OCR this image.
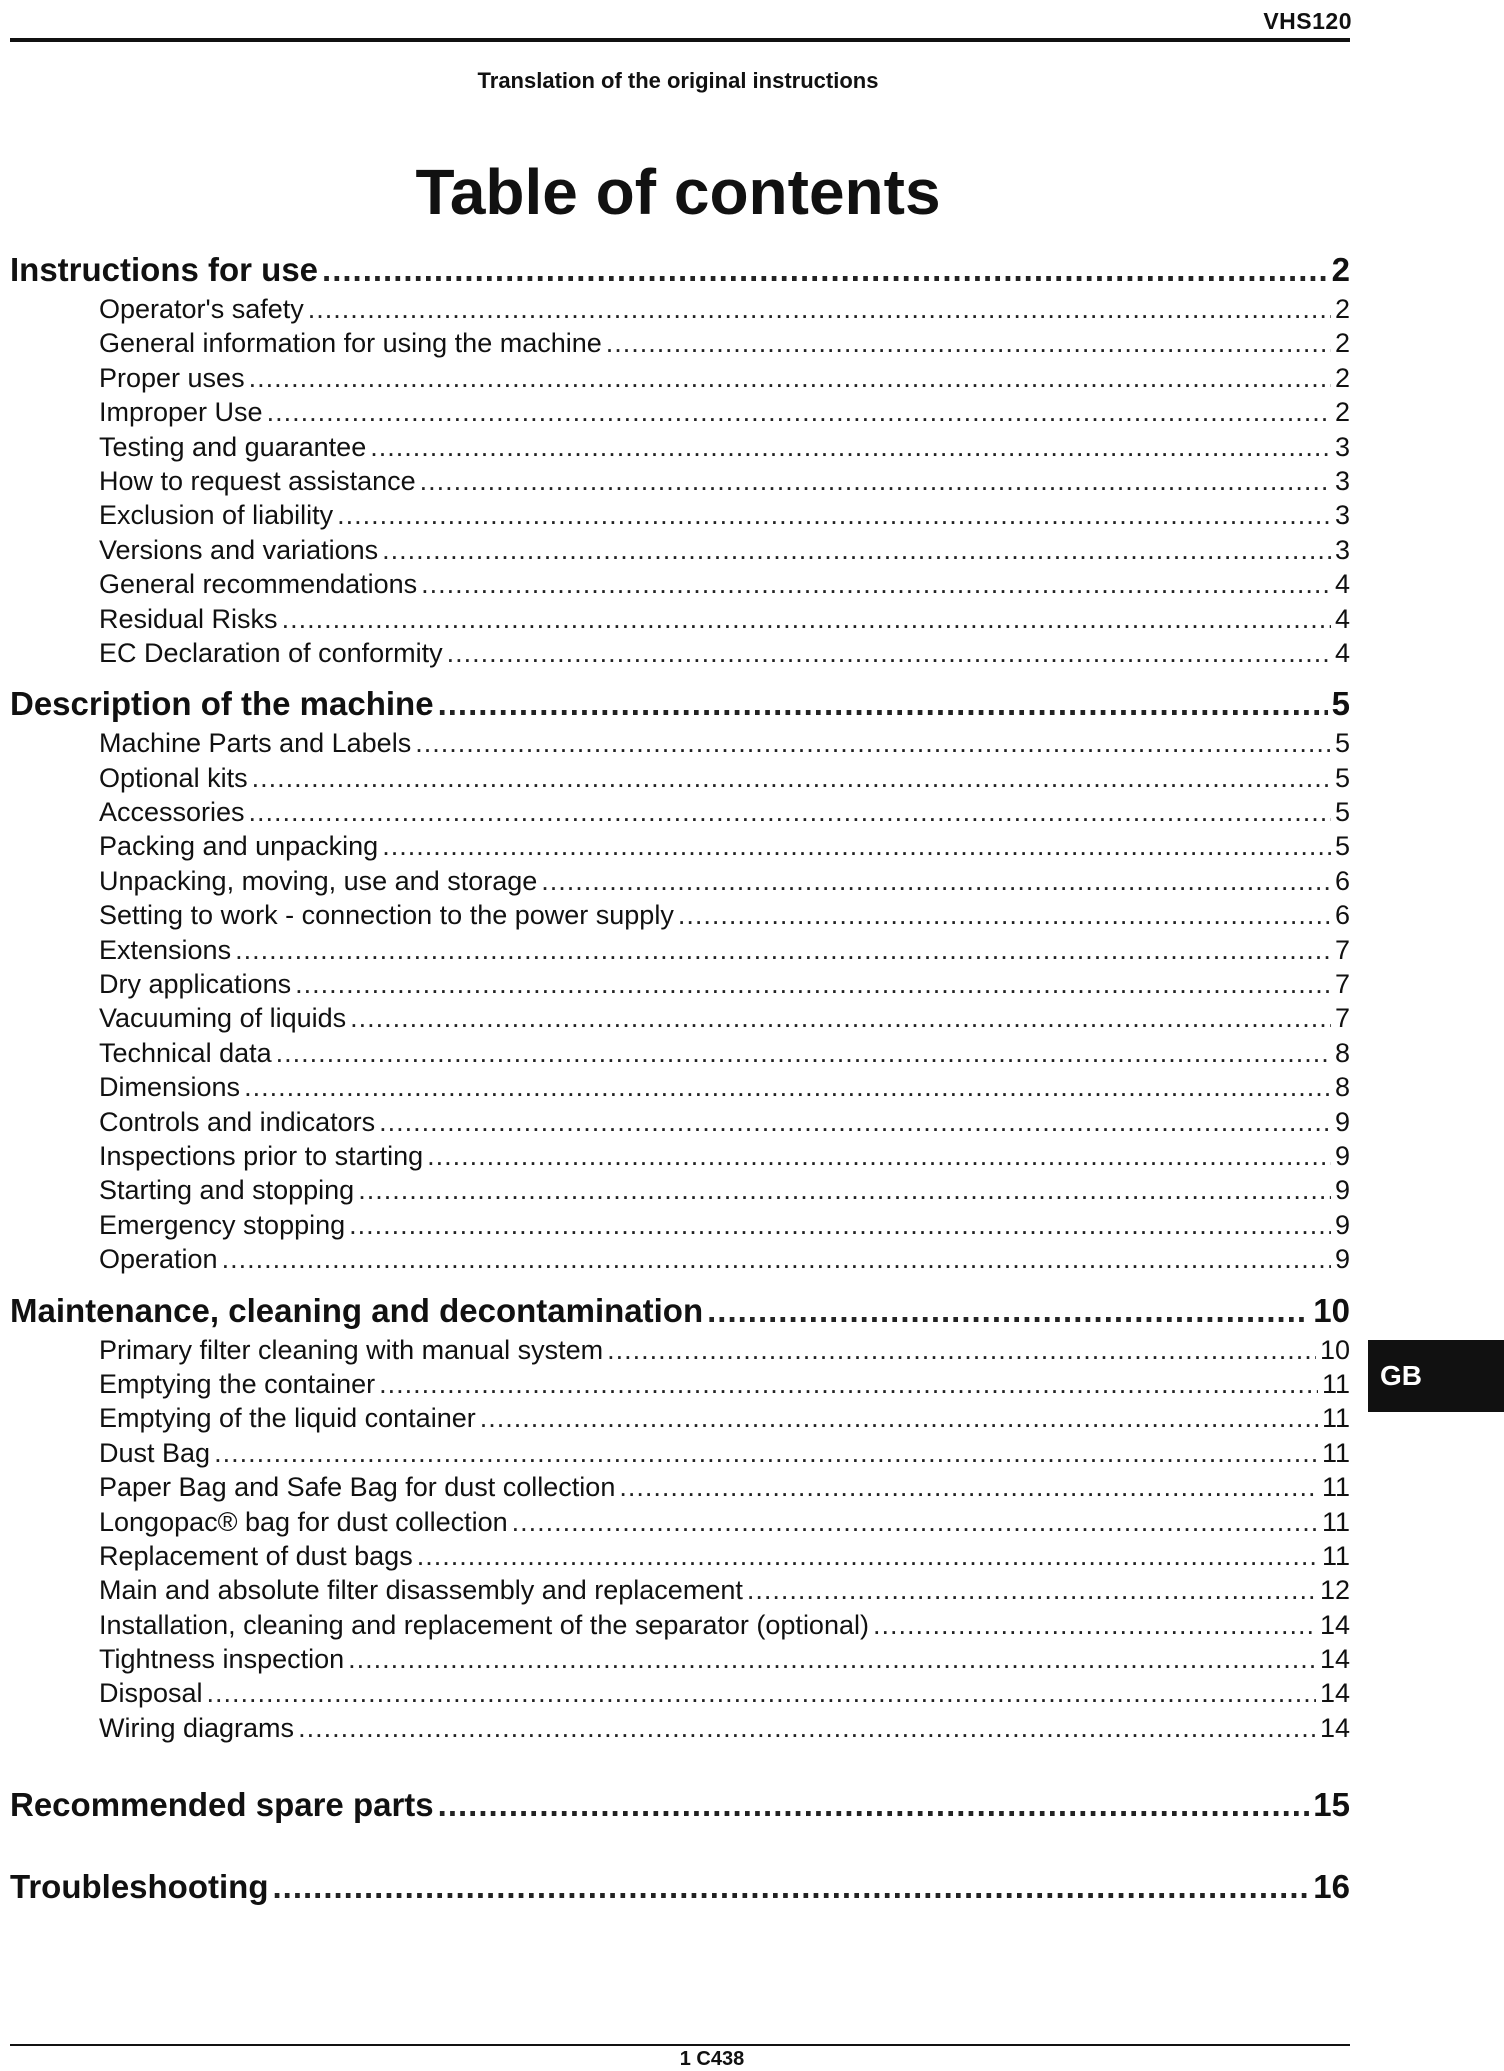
VHS120
Translation of the original instructions
Table of contents
Instructions for use .....	2
Operator's safety .....	2
General information for using the machine .....	2
Proper uses .....	2
Improper Use .....	2
Testing and guarantee .....	3
How to request assistance .....	3
Exclusion of liability .....	3
Versions and variations .....	3
General recommendations .....	4
Residual Risks .....	4
EC Declaration of conformity .....	4
Description of the machine .....	5
Machine Parts and Labels .....	5
Optional kits .....	5
Accessories .....	5
Packing and unpacking .....	5
Unpacking, moving, use and storage .....	6
Setting to work - connection to the power supply .....	6
Extensions .....	7
Dry applications .....	7
Vacuuming of liquids .....	7
Technical data .....	8
Dimensions .....	8
Controls and indicators .....	9
Inspections prior to starting .....	9
Starting and stopping .....	9
Emergency stopping .....	9
Operation .....	9
Maintenance, cleaning and decontamination .....	10
Primary filter cleaning with manual system .....	10
Emptying the container .....	11
Emptying of the liquid container .....	11
Dust Bag .....	11
Paper Bag and Safe Bag for dust collection .....	11
Longopac® bag for dust collection .....	11
Replacement of dust bags .....	11
Main and absolute filter disassembly and replacement .....	12
Installation, cleaning and replacement of the separator (optional) .....	14
Tightness inspection .....	14
Disposal .....	14
Wiring diagrams .....	14
Recommended spare parts .....	15
Troubleshooting .....	16
GB
1 C438
